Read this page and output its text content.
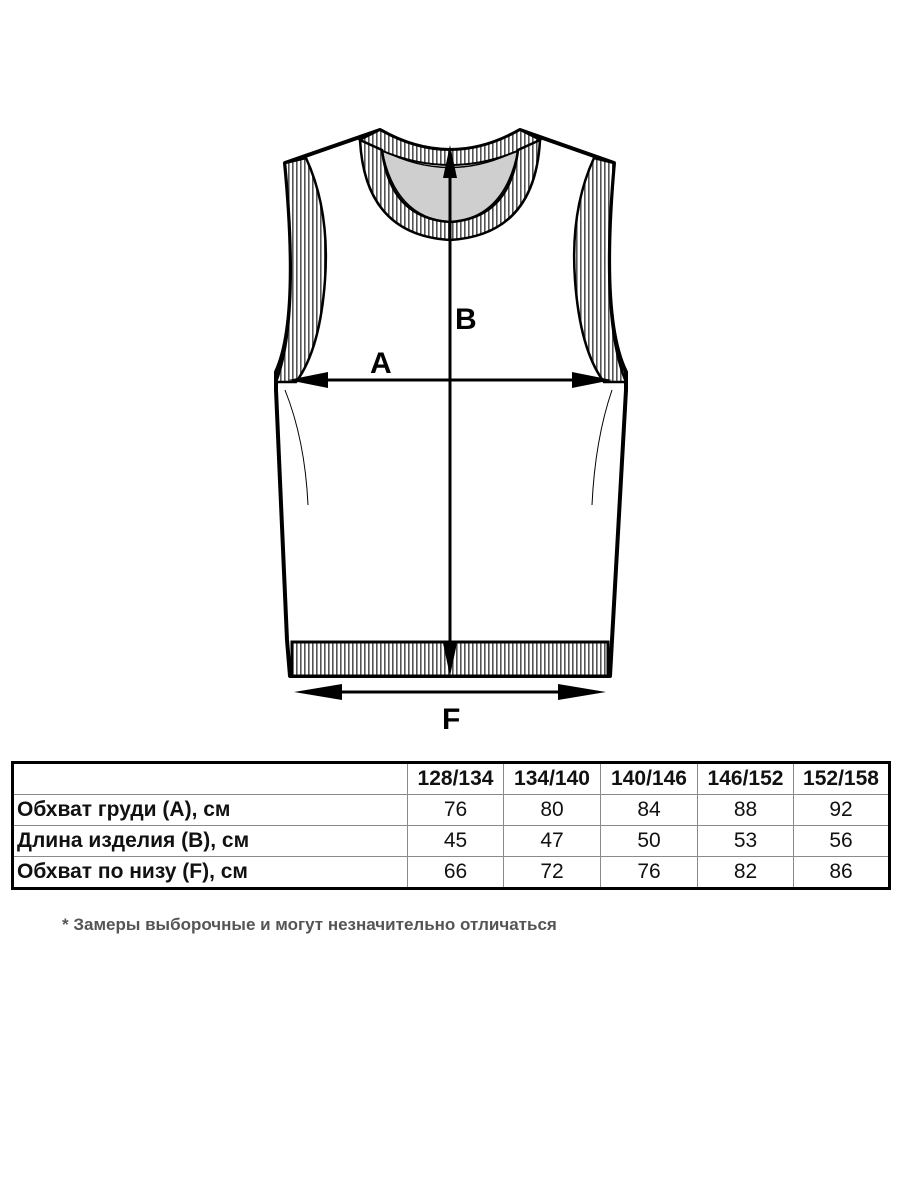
B
A
F
	128/134	134/140	140/146	146/152	152/158
Обхват груди (А), см	76	80	84	88	92
Длина изделия (В), см	45	47	50	53	56
Обхват по низу (F), см	66	72	76	82	86
* Замеры выборочные и могут незначительно отличаться
